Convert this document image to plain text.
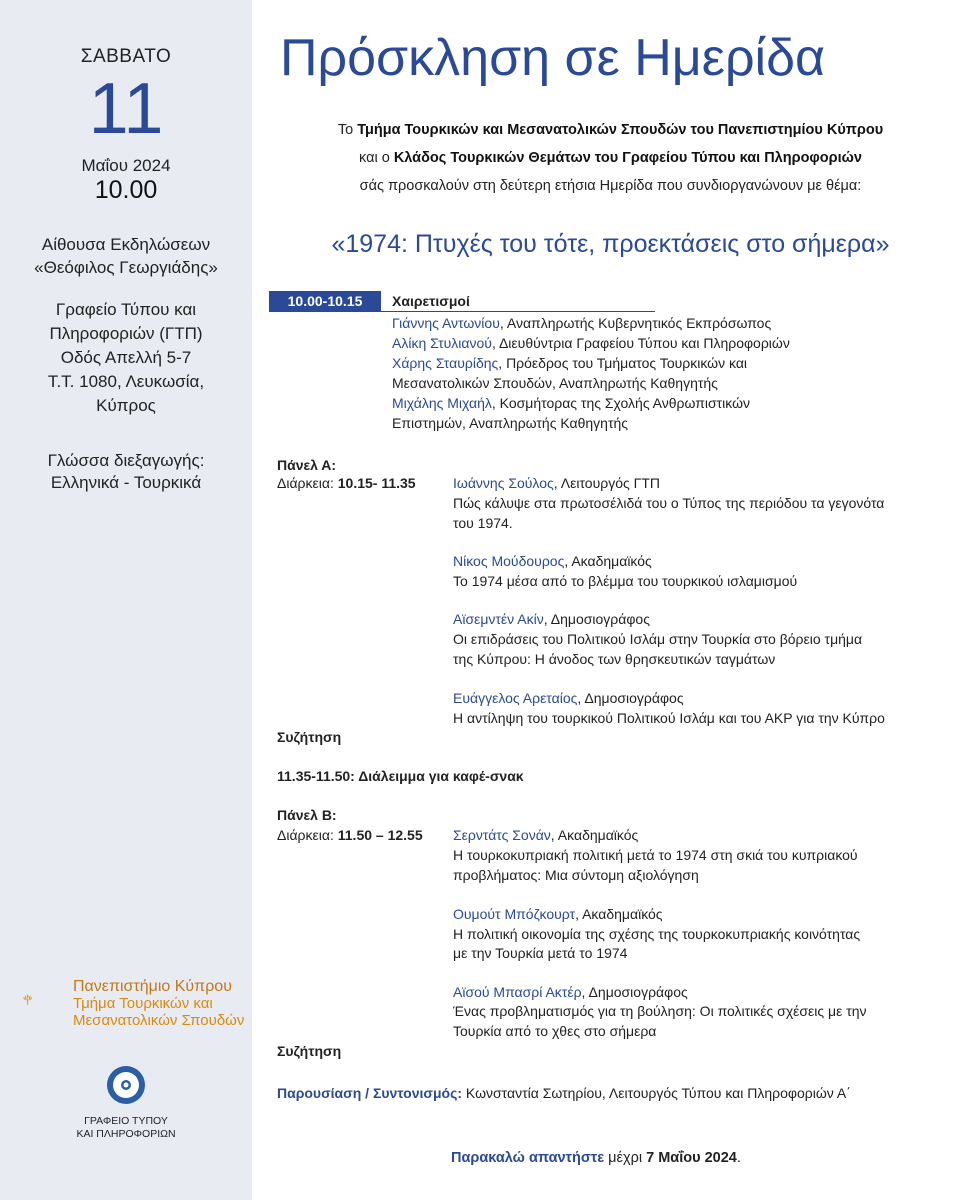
ΣΑΒΒΑΤΟ
11
Μαΐου 2024
10.00
Αίθουσα Εκδηλώσεων
«Θεόφιλος Γεωργιάδης»
Γραφείο Τύπου και
Πληροφοριών (ΓΤΠ)
Οδός Απελλή 5-7
Τ.Τ. 1080, Λευκωσία,
Κύπρος
Γλώσσα διεξαγωγής:
Ελληνικά - Τουρκικά
Πανεπιστήμιο Κύπρου
Τμήμα Τουρκικών και
Μεσανατολικών Σπουδών
ΓΡΑΦΕΙΟ ΤΥΠΟΥ
ΚΑΙ ΠΛΗΡΟΦΟΡΙΩΝ
Πρόσκληση σε Ημερίδα
Το Τμήμα Τουρκικών και Μεσανατολικών Σπουδών του Πανεπιστημίου Κύπρου
και ο Κλάδος Τουρκικών Θεμάτων του Γραφείου Τύπου και Πληροφοριών
σάς προσκαλούν στη δεύτερη ετήσια Ημερίδα που συνδιοργανώνουν με θέμα:
«1974: Πτυχές του τότε, προεκτάσεις στο σήμερα»
10.00-10.15	Χαιρετισμοί
Γιάννης Αντωνίου, Αναπληρωτής Κυβερνητικός Εκπρόσωπος
Αλίκη Στυλιανού, Διευθύντρια Γραφείου Τύπου και Πληροφοριών
Χάρης Σταυρίδης, Πρόεδρος του Τμήματος Τουρκικών και
Μεσανατολικών Σπουδών, Αναπληρωτής Καθηγητής
Μιχάλης Μιχαήλ, Κοσμήτορας της Σχολής Ανθρωπιστικών
Επιστημών, Αναπληρωτής Καθηγητής
Πάνελ Α:
Διάρκεια: 10.15- 11.35	Ιωάννης Σούλος, Λειτουργός ΓΤΠ
Πώς κάλυψε στα πρωτοσέλιδά του ο Τύπος της περιόδου τα γεγονότα
του 1974.
Νίκος Μούδουρος, Ακαδημαϊκός
Το 1974 μέσα από το βλέμμα του τουρκικού ισλαμισμού
Αϊσεμντέν Ακίν, Δημοσιογράφος
Οι επιδράσεις του Πολιτικού Ισλάμ στην Τουρκία στο βόρειο τμήμα
της Κύπρου: Η άνοδος των θρησκευτικών ταγμάτων
Ευάγγελος Αρεταίος, Δημοσιογράφος
Η αντίληψη του τουρκικού Πολιτικού Ισλάμ και του ΑΚΡ για την Κύπρο
Συζήτηση
11.35-11.50: Διάλειμμα για καφέ-σνακ
Πάνελ Β:
Διάρκεια: 11.50 – 12.55 Σερντάτς Σονάν, Ακαδημαϊκός
Η τουρκοκυπριακή πολιτική μετά το 1974 στη σκιά του κυπριακού
προβλήματος: Μια σύντομη αξιολόγηση
Ουμούτ Μπόζκουρτ, Ακαδημαϊκός
Η πολιτική οικονομία της σχέσης της τουρκοκυπριακής κοινότητας
με την Τουρκία μετά το 1974
Αϊσού Μπασρί Ακτέρ, Δημοσιογράφος
Ένας προβληματισμός για τη βούληση: Οι πολιτικές σχέσεις με την
Τουρκία από το χθες στο σήμερα
Συζήτηση
Παρουσίαση / Συντονισμός: Κωνσταντία Σωτηρίου, Λειτουργός Τύπου και Πληροφοριών Α΄
Παρακαλώ απαντήστε μέχρι 7 Μαΐου 2024.
